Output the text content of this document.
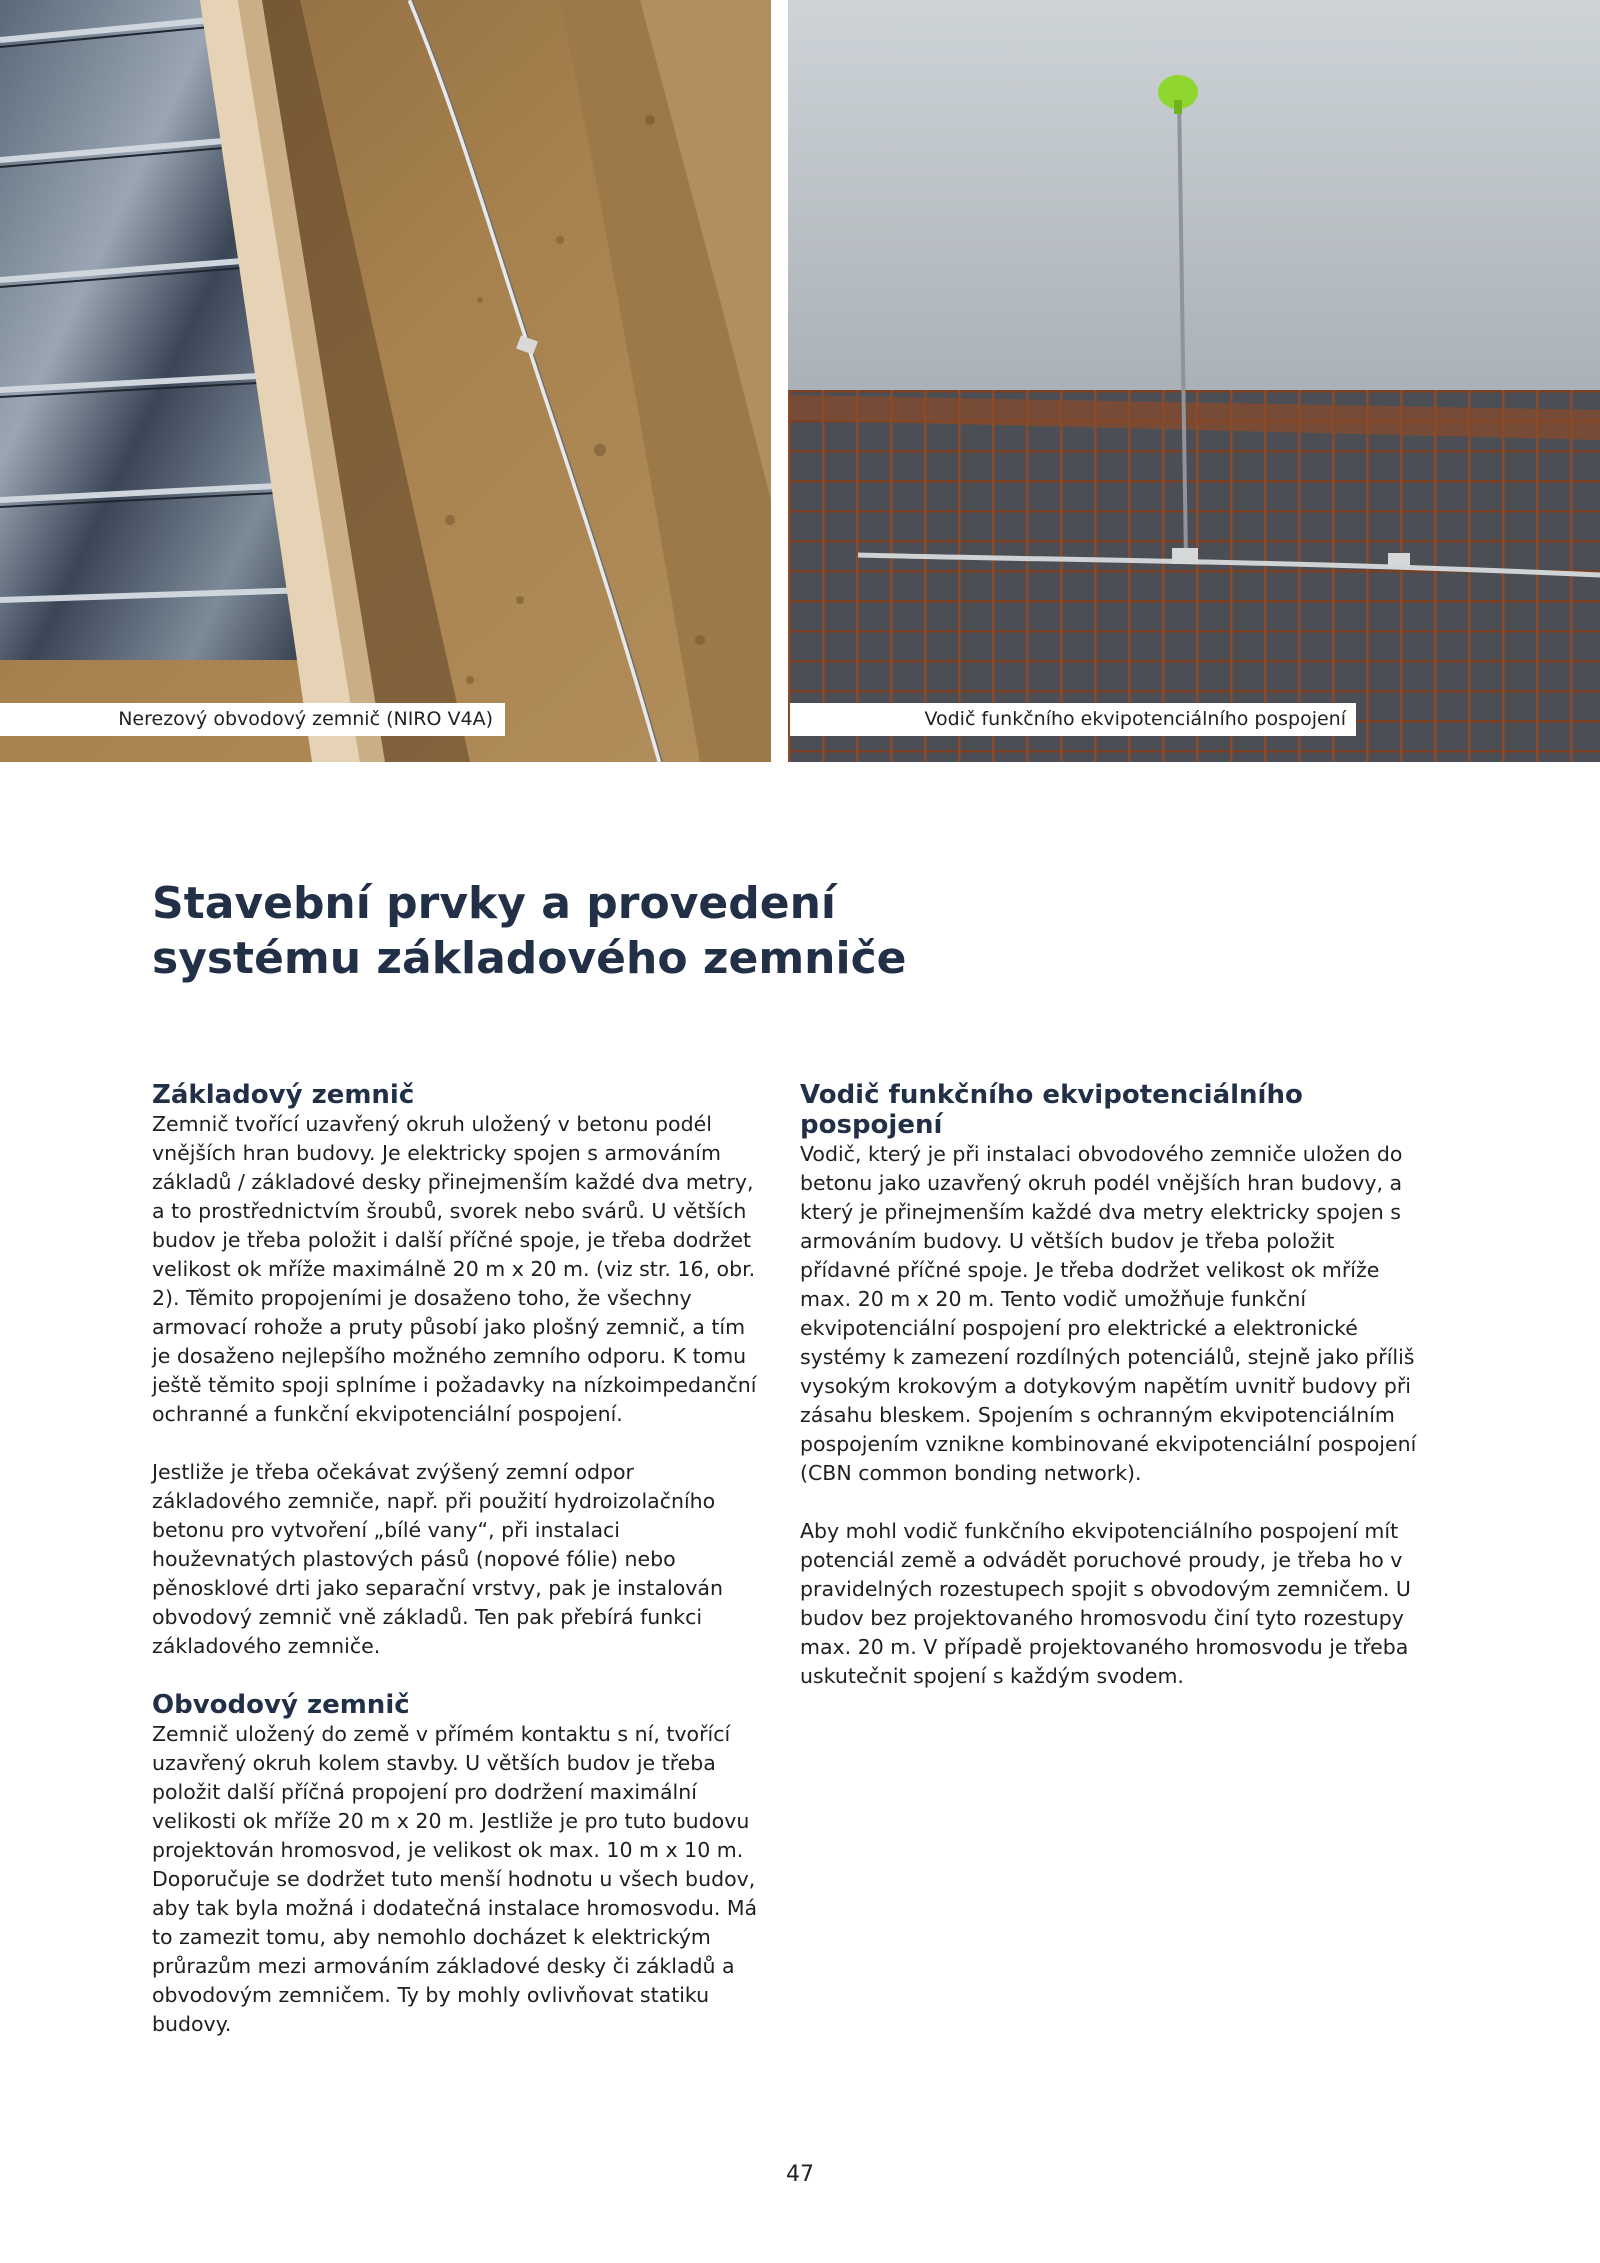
Nerezový obvodový zemnič (NIRO V4A)	Vodič funkčního ekvipotenciálního pospojení
Stavební prvky a provedení
systému základového zemniče
Základový zemnič

Zemnič tvořící uzavřený okruh uložený v betonu podél vnějších hran budovy. Je elektricky spojen s armováním základů / základové desky přinejmenším každé dva metry, a to prostřednictvím šroubů, svorek nebo svárů. U větších budov je třeba položit i další příčné spoje, je třeba dodržet velikost ok mříže maximálně 20 m x 20 m. (viz str. 16, obr. 2). Těmito propojeními je dosaženo toho, že všechny armovací rohože a pruty působí jako plošný zemnič, a tím je dosaženo nejlepšího možného zemního odporu. K tomu ještě těmito spoji splníme i požadavky na nízkoimpedanční ochranné a funkční ekvipotenciální pospojení.

Jestliže je třeba očekávat zvýšený zemní odpor základového zemniče, např. při použití hydroizolačního betonu pro vytvoření „bílé vany“, při instalaci houževnatých plastových pásů (nopové fólie) nebo pěnosklové drti jako separační vrstvy, pak je instalován obvodový zemnič vně základů. Ten pak přebírá funkci základového zemniče.

Obvodový zemnič

Zemnič uložený do země v přímém kontaktu s ní, tvořící uzavřený okruh kolem stavby. U větších budov je třeba položit další příčná propojení pro dodržení maximální velikosti ok mříže 20 m x 20 m. Jestliže je pro tuto budovu projektován hromosvod, je velikost ok max. 10 m x 10 m. Doporučuje se dodržet tuto menší hodnotu u všech budov, aby tak byla možná i dodatečná instalace hromosvodu. Má to zamezit tomu, aby nemohlo docházet k elektrickým průrazům mezi armováním základové desky či základů a obvodovým zemničem. Ty by mohly ovlivňovat statiku budovy.

Vodič funkčního ekvipotenciálního pospojení

Vodič, který je při instalaci obvodového zemniče uložen do betonu jako uzavřený okruh podél vnějších hran budovy, a který je přinejmenším každé dva metry elektricky spojen s armováním budovy. U větších budov je třeba položit přídavné příčné spoje. Je třeba dodržet velikost ok mříže max. 20 m x 20 m. Tento vodič umožňuje funkční ekvipotenciální pospojení pro elektrické a elektronické systémy k zamezení rozdílných potenciálů, stejně jako příliš vysokým krokovým a dotykovým napětím uvnitř budovy při zásahu bleskem. Spojením s ochranným ekvipotenciálním pospojením vznikne kombinované ekvipotenciální pospojení (CBN common bonding network).

Aby mohl vodič funkčního ekvipotenciálního pospojení mít potenciál země a odvádět poruchové proudy, je třeba ho v pravidelných rozestupech spojit s obvodovým zemničem. U budov bez projektovaného hromosvodu činí tyto rozestupy max. 20 m. V případě projektovaného hromosvodu je třeba uskutečnit spojení s každým svodem.

47
